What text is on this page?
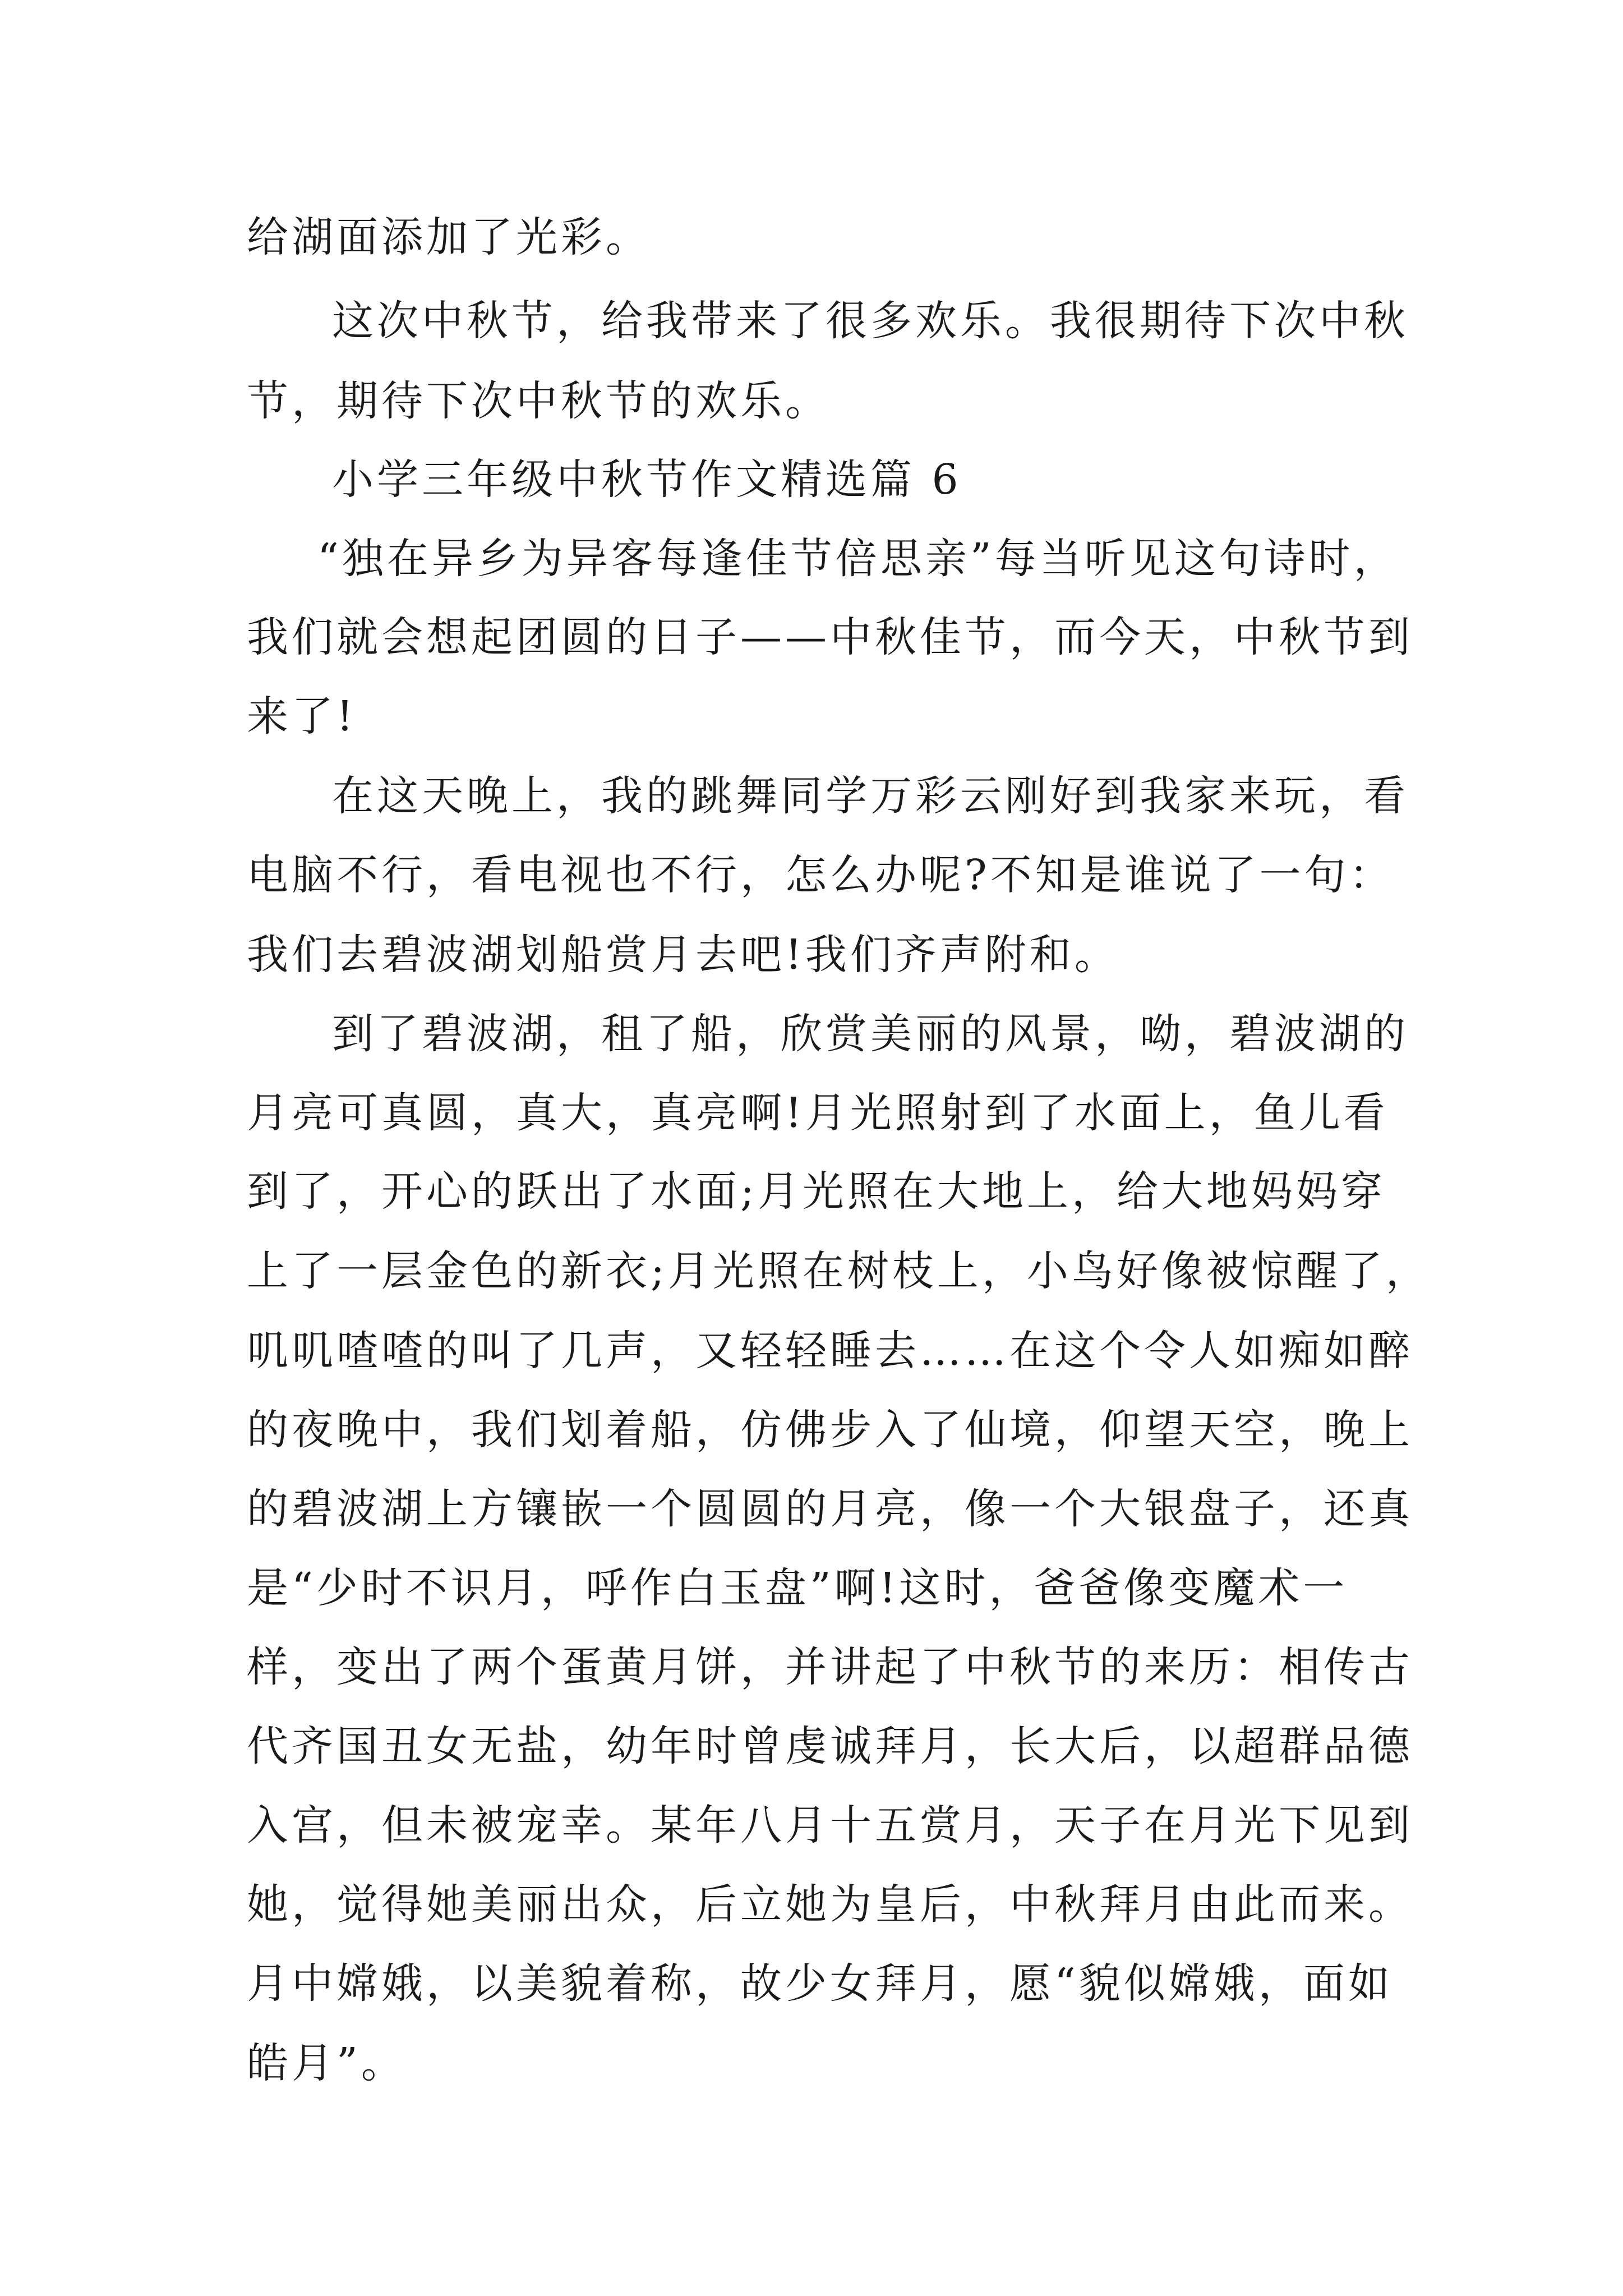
给湖面添加了光彩。

这次中秋节，给我带来了很多欢乐。我很期待下次中秋

节，期待下次中秋节的欢乐。

小学三年级中秋节作文精选篇 6

“独在异乡为异客每逢佳节倍思亲”每当听见这句诗时，

我们就会想起团圆的日子——中秋佳节，而今天，中秋节到

来了!

在这天晚上，我的跳舞同学万彩云刚好到我家来玩，看

电脑不行，看电视也不行，怎么办呢?不知是谁说了一句：

我们去碧波湖划船赏月去吧!我们齐声附和。

到了碧波湖，租了船，欣赏美丽的风景，呦，碧波湖的

月亮可真圆，真大，真亮啊!月光照射到了水面上，鱼儿看

到了，开心的跃出了水面;月光照在大地上，给大地妈妈穿

上了一层金色的新衣;月光照在树枝上，小鸟好像被惊醒了，

叽叽喳喳的叫了几声，又轻轻睡去……在这个令人如痴如醉

的夜晚中，我们划着船，仿佛步入了仙境，仰望天空，晚上

的碧波湖上方镶嵌一个圆圆的月亮，像一个大银盘子，还真

是“少时不识月，呼作白玉盘”啊!这时，爸爸像变魔术一

样，变出了两个蛋黄月饼，并讲起了中秋节的来历：相传古

代齐国丑女无盐，幼年时曾虔诚拜月，长大后，以超群品德

入宫，但未被宠幸。某年八月十五赏月，天子在月光下见到

她，觉得她美丽出众，后立她为皇后，中秋拜月由此而来。

月中嫦娥，以美貌着称，故少女拜月，愿“貌似嫦娥，面如

皓月”。
